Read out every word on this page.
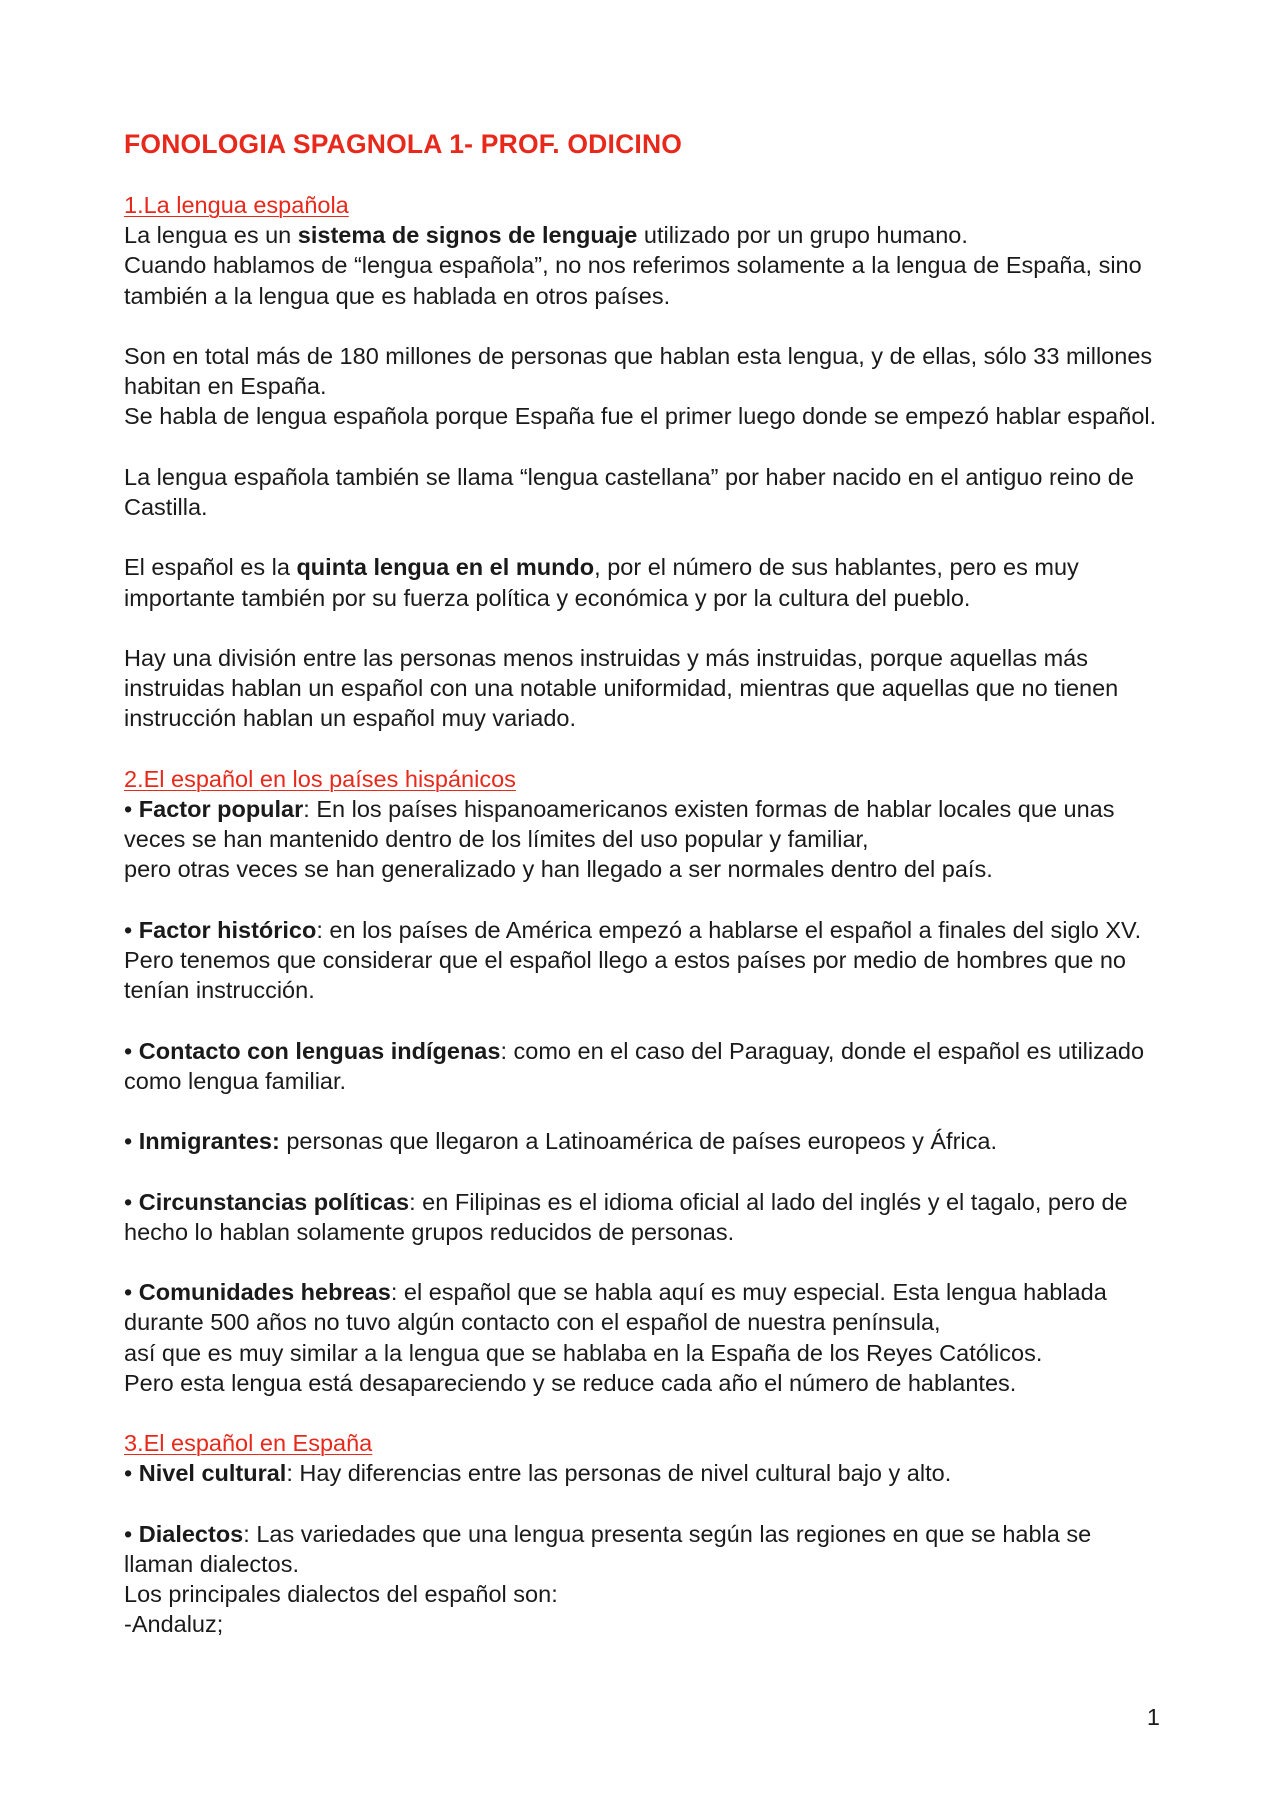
FONOLOGIA SPAGNOLA 1- PROF. ODICINO
1.La lengua española

La lengua es un sistema de signos de lenguaje utilizado por un grupo humano.
Cuando hablamos de “lengua española”, no nos referimos solamente a la lengua de España, sino también a la lengua que es hablada en otros países.

Son en total más de 180 millones de personas que hablan esta lengua, y de ellas, sólo 33 millones habitan en España.
Se habla de lengua española porque España fue el primer luego donde se empezó hablar español.

La lengua española también se llama “lengua castellana” por haber nacido en el antiguo reino de Castilla.

El español es la quinta lengua en el mundo, por el número de sus hablantes, pero es muy importante también por su fuerza política y económica y por la cultura del pueblo.

Hay una división entre las personas menos instruidas y más instruidas, porque aquellas más instruidas hablan un español con una notable uniformidad, mientras que aquellas que no tienen instrucción hablan un español muy variado.

2.El español en los países hispánicos

• Factor popular: En los países hispanoamericanos existen formas de hablar locales que unas veces se han mantenido dentro de los límites del uso popular y familiar,
pero otras veces se han generalizado y han llegado a ser normales dentro del país.

• Factor histórico: en los países de América empezó a hablarse el español a finales del siglo XV. Pero tenemos que considerar que el español llego a estos países por medio de hombres que no tenían instrucción.

• Contacto con lenguas indígenas: como en el caso del Paraguay, donde el español es utilizado como lengua familiar.

• Inmigrantes: personas que llegaron a Latinoamérica de países europeos y África.

• Circunstancias políticas: en Filipinas es el idioma oficial al lado del inglés y el tagalo, pero de hecho lo hablan solamente grupos reducidos de personas.

• Comunidades hebreas: el español que se habla aquí es muy especial. Esta lengua hablada durante 500 años no tuvo algún contacto con el español de nuestra península,
así que es muy similar a la lengua que se hablaba en la España de los Reyes Católicos.
Pero esta lengua está desapareciendo y se reduce cada año el número de hablantes.

3.El español en España

• Nivel cultural: Hay diferencias entre las personas de nivel cultural bajo y alto.

• Dialectos: Las variedades que una lengua presenta según las regiones en que se habla se llaman dialectos.
Los principales dialectos del español son:
-Andaluz;

1
